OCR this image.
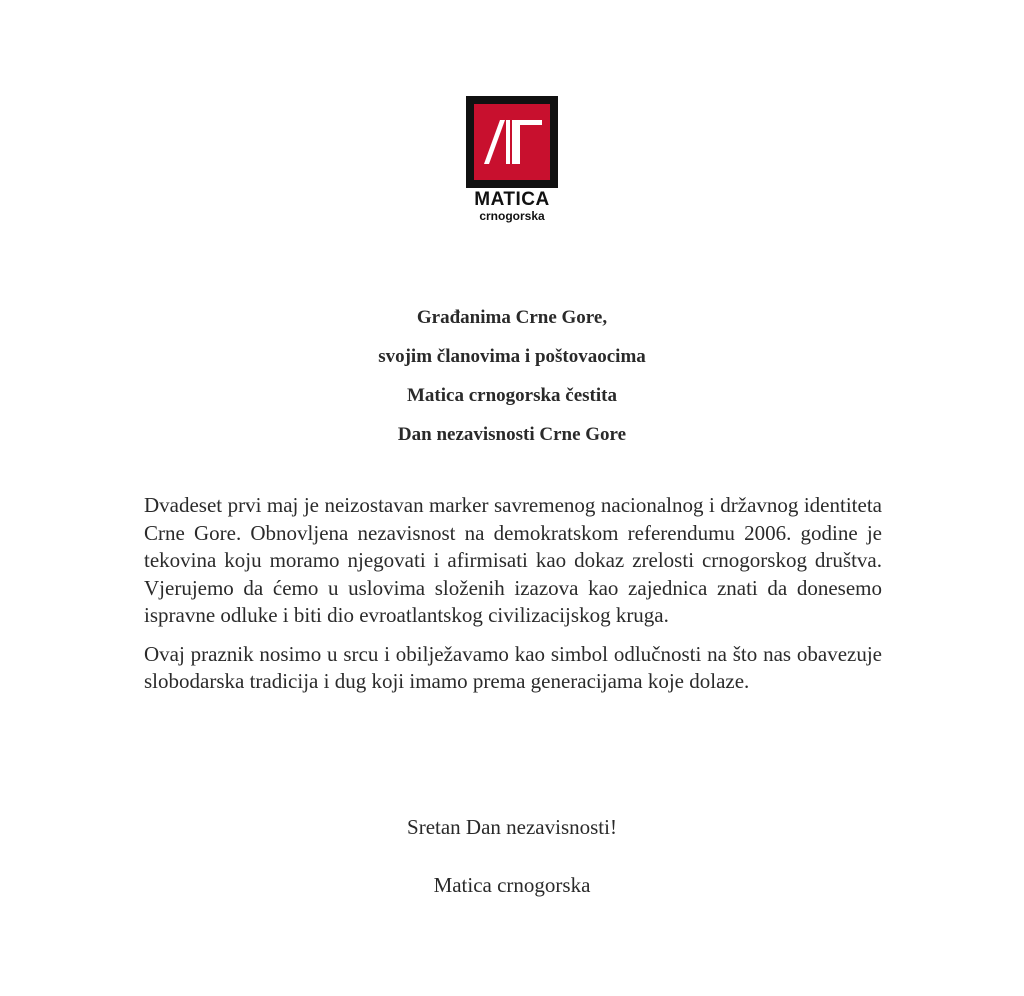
MATICA
crnogorska
Građanima Crne Gore,
svojim članovima i poštovaocima
Matica crnogorska čestita
Dan nezavisnosti Crne Gore

Dvadeset prvi maj je neizostavan marker savremenog nacionalnog i državnog identiteta Crne Gore. Obnovljena nezavisnost na demokratskom referendumu 2006. godine je tekovina koju moramo njegovati i afirmisati kao dokaz zrelosti crnogorskog društva. Vjerujemo da ćemo u uslovima složenih izazova kao zajednica znati da donesemo ispravne odluke i biti dio evroatlantskog civilizacijskog kruga.

Ovaj praznik nosimo u srcu i obilježavamo kao simbol odlučnosti na što nas obavezuje slobodarska tradicija i dug koji imamo prema generacijama koje dolaze.

Sretan Dan nezavisnosti!
Matica crnogorska
